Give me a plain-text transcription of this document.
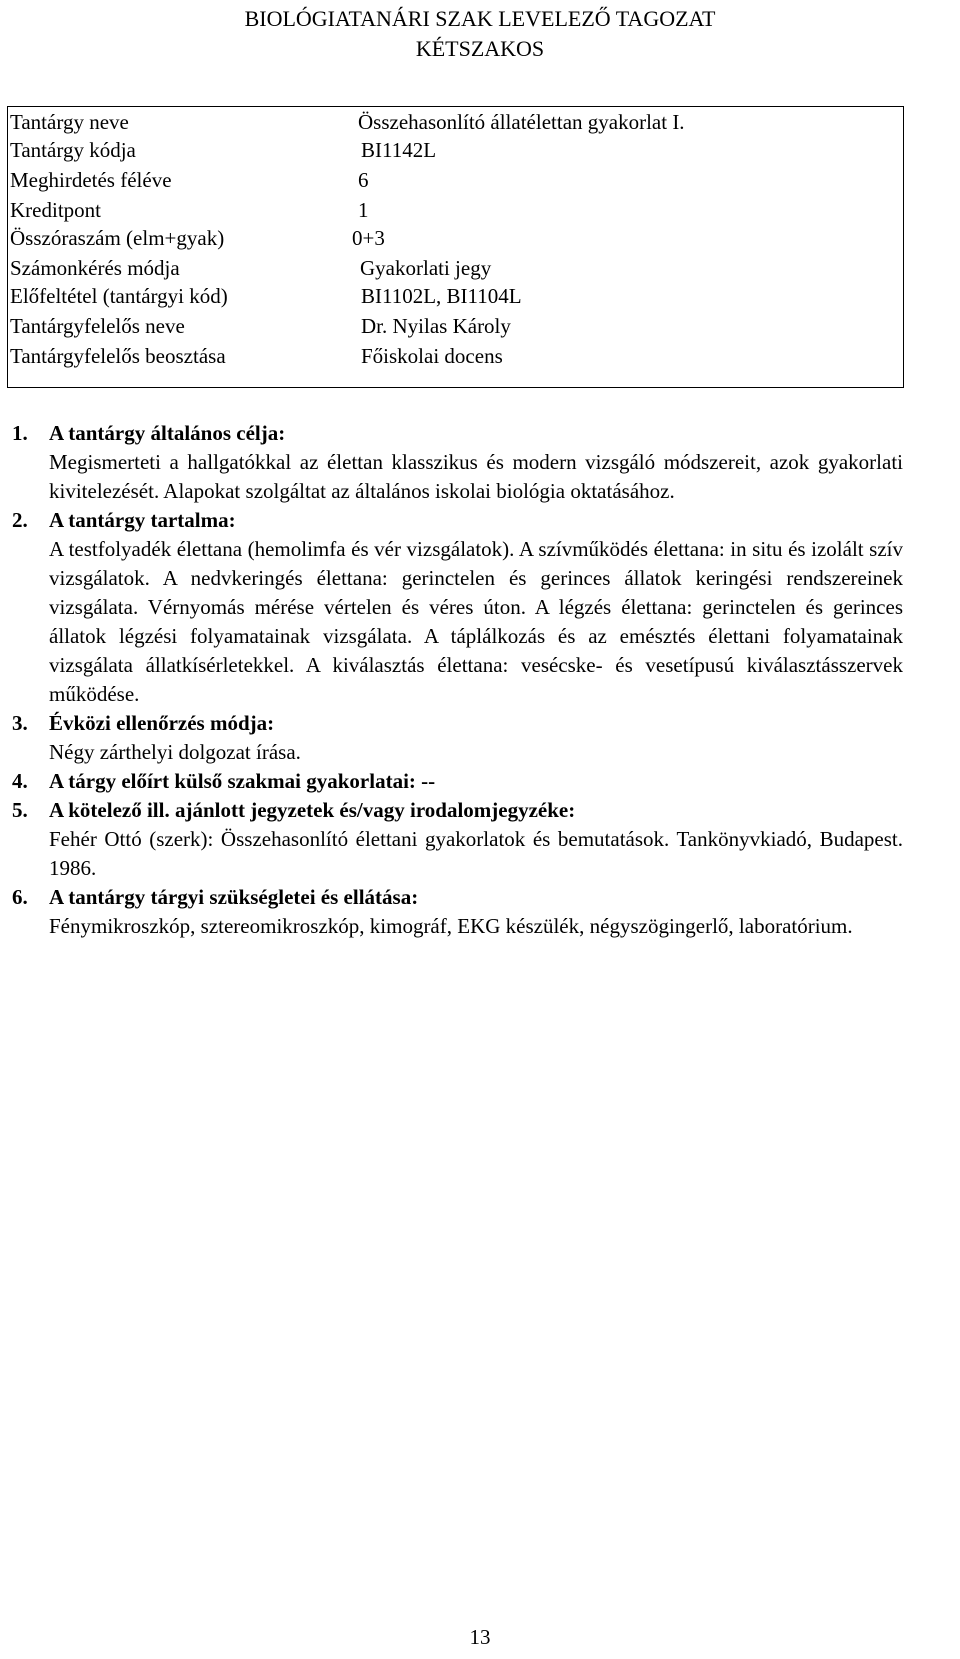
BIOLÓGIATANÁRI SZAK LEVELEZŐ TAGOZAT
KÉTSZAKOS
Tantárgy neve	Összehasonlító állatélettan gyakorlat I.
Tantárgy kódja	BI1142L
Meghirdetés féléve	6
Kreditpont	1
Összóraszám (elm+gyak)	0+3
Számonkérés módja	Gyakorlati jegy
Előfeltétel (tantárgyi kód)	BI1102L, BI1104L
Tantárgyfelelős neve	Dr. Nyilas Károly
Tantárgyfelelős beosztása	Főiskolai docens
1. A tantárgy általános célja:
Megismerteti a hallgatókkal az élettan klasszikus és modern vizsgáló módszereit, azok gyakorlati kivitelezését. Alapokat szolgáltat az általános iskolai biológia oktatásához.
2. A tantárgy tartalma:
A testfolyadék élettana (hemolimfa és vér vizsgálatok). A szívműködés élettana: in situ és izolált szív vizsgálatok. A nedvkeringés élettana: gerinctelen és gerinces állatok keringési rendszereinek vizsgálata. Vérnyomás mérése vértelen és véres úton. A légzés élettana: gerinctelen és gerinces állatok légzési folyamatainak vizsgálata. A táplálkozás és az emésztés élettani folyamatainak vizsgálata állatkísérletekkel. A kiválasztás élettana: vesécske- és vesetípusú kiválasztásszervek működése.
3. Évközi ellenőrzés módja:
Négy zárthelyi dolgozat írása.
4. A tárgy előírt külső szakmai gyakorlatai: --
5. A kötelező ill. ajánlott jegyzetek és/vagy irodalomjegyzéke:
Fehér Ottó (szerk): Összehasonlító élettani gyakorlatok és bemutatások. Tankönyvkiadó, Budapest. 1986.
6. A tantárgy tárgyi szükségletei és ellátása:
Fénymikroszkóp, sztereomikroszkóp, kimográf, EKG készülék, négyszögingerlő, laboratórium.
13
